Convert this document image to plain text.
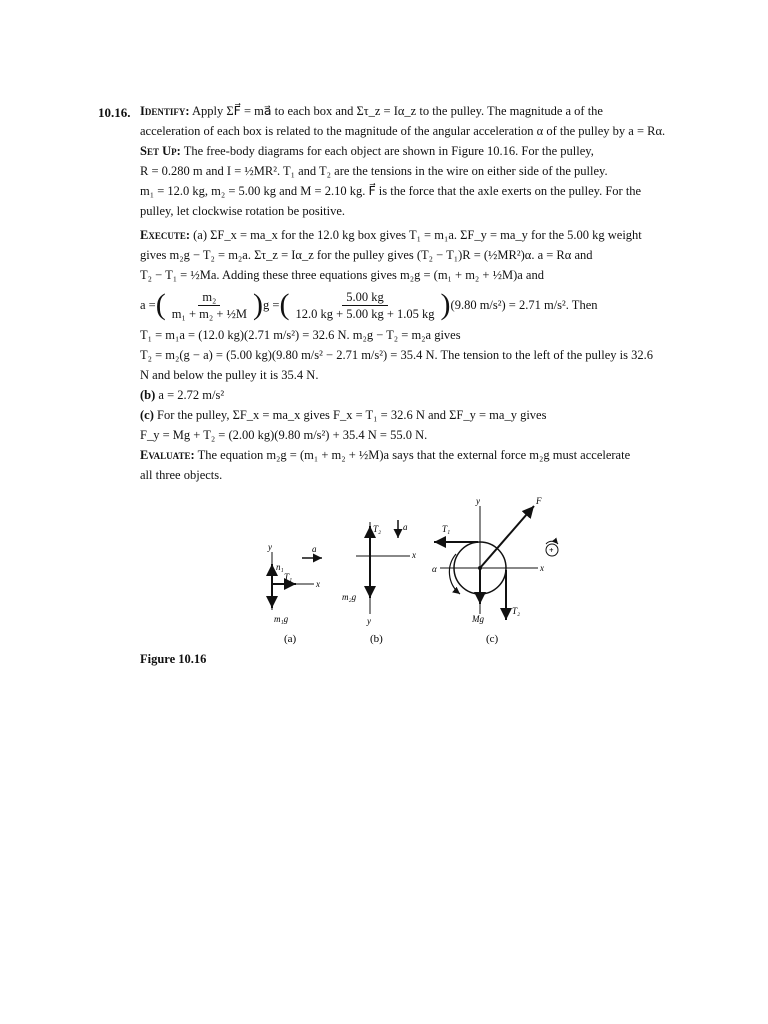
10.16. Identify: Apply ΣF⃗ = ma⃗ to each box and Στ_z = Iα_z to the pulley. The magnitude a of the
acceleration of each box is related to the magnitude of the angular acceleration α of the pulley by a = Rα.
Set Up: The free-body diagrams for each object are shown in Figure 10.16. For the pulley,
R = 0.280 m and I = ½MR². T₁ and T₂ are the tensions in the wire on either side of the pulley.
m₁ = 12.0 kg, m₂ = 5.00 kg and M = 2.10 kg. F⃗ is the force that the axle exerts on the pulley. For the
pulley, let clockwise rotation be positive.
Execute: (a) ΣF_x = ma_x for the 12.0 kg box gives T₁ = m₁a. ΣF_y = ma_y for the 5.00 kg weight
gives m₂g − T₂ = m₂a. Στ_z = Iα_z for the pulley gives (T₂ − T₁)R = (½MR²)α. a = Rα and
T₂ − T₁ = ½Ma. Adding these three equations gives m₂g = (m₁ + m₂ + ½M)a and
a = ( $\frac{\text{m₂}}{\text{m₁ + m₂ + ½M}}$ ) g = ( $\frac{5.00 kg}{12.0 kg + 5.00 kg + 1.05 kg}$ ) (9.80 m/s²) = 2.71 m/s². Then
T₁ = m₁a = (12.0 kg)(2.71 m/s²) = 32.6 N. m₂g − T₂ = m₂a gives
T₂ = m₂(g − a) = (5.00 kg)(9.80 m/s² − 2.71 m/s²) = 35.4 N. The tension to the left of the pulley is 32.6
N and below the pulley it is 35.4 N.
(b) a = 2.72 m/s²
(c) For the pulley, ΣF_x = ma_x gives F_x = T₁ = 32.6 N and ΣF_y = ma_y gives
F_y = Mg + T₂ = (2.00 kg)(9.80 m/s²) + 35.4 N = 55.0 N.
Evaluate: The equation m₂g = (m₁ + m₂ + ½M)a says that the external force m₂g must accelerate
all three objects.
y	a
n₁
T₁
x
m₁g
(a)
T₂ a
x
m₂g
y
(b)
y	F
T₁
α	x
+
Mg
T₂
(c)
Figure 10.16
